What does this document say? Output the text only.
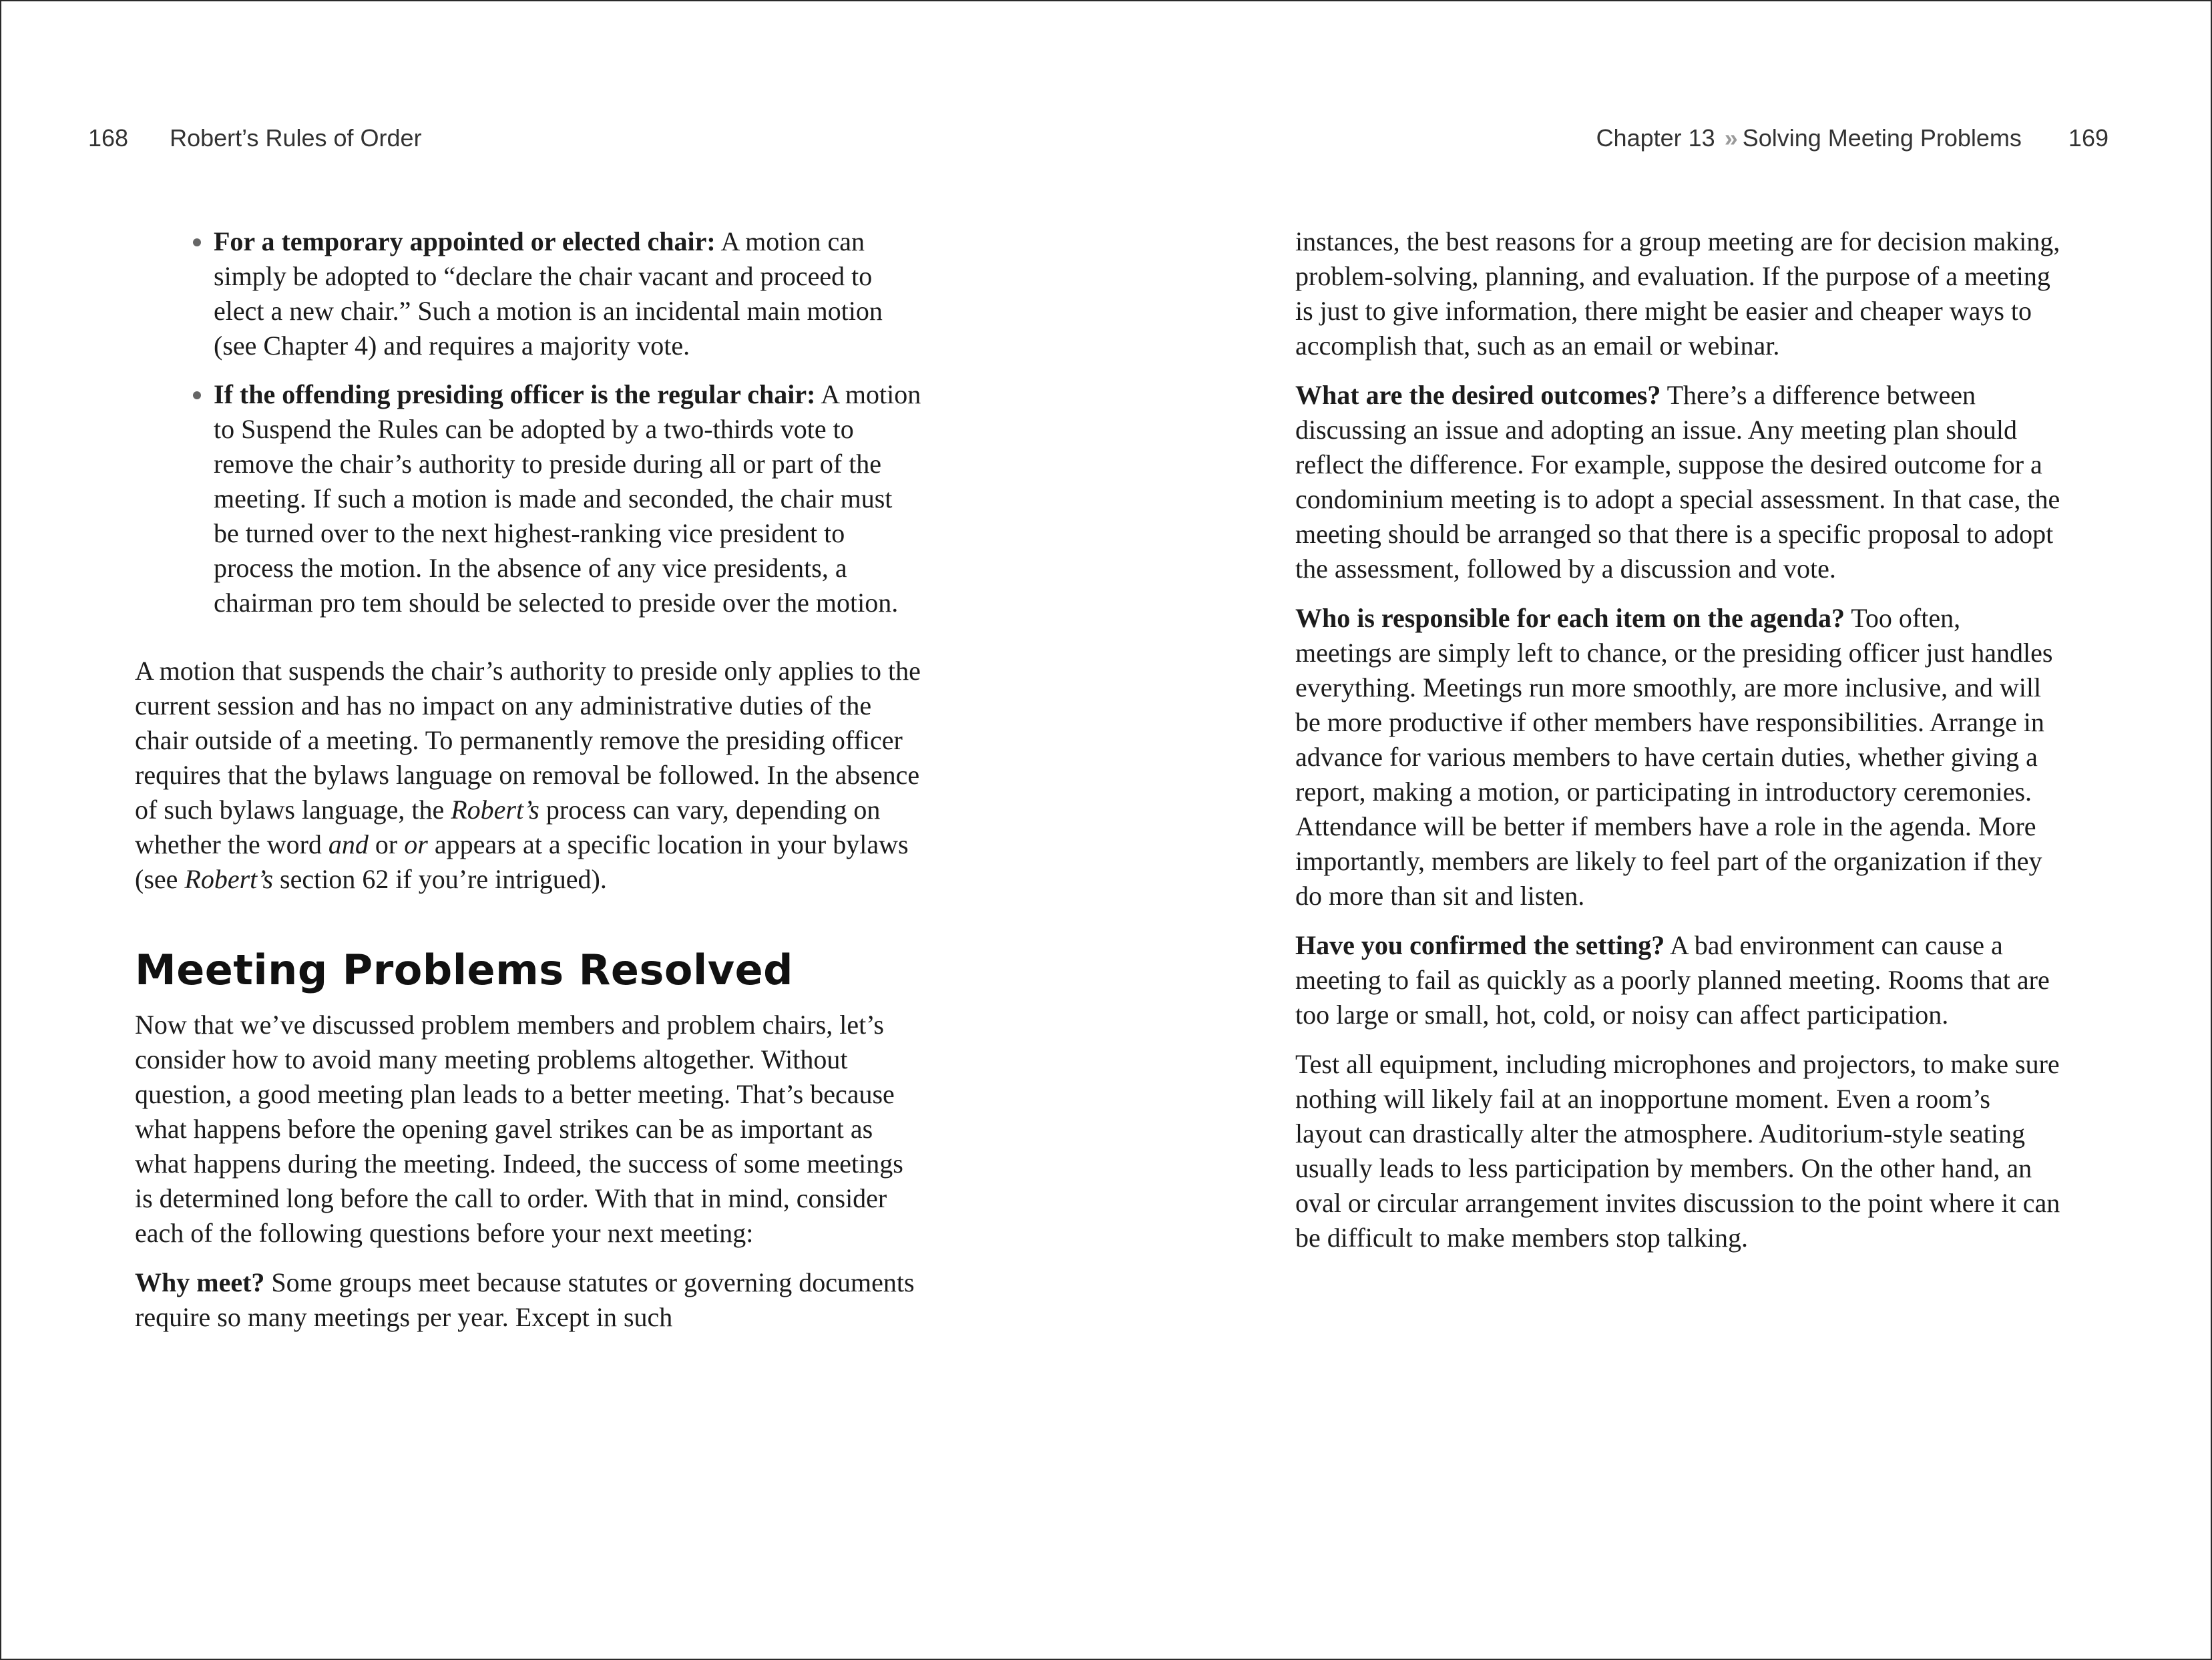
168 Robert’s Rules of Order
For a temporary appointed or elected chair: A motion can simply be adopted to “declare the chair vacant and proceed to elect a new chair.” Such a motion is an incidental main motion (see Chapter 4) and requires a majority vote.
If the offending presiding officer is the regular chair: A motion to Suspend the Rules can be adopted by a two-thirds vote to remove the chair’s authority to preside during all or part of the meeting. If such a motion is made and seconded, the chair must be turned over to the next highest-ranking vice president to process the motion. In the absence of any vice presidents, a chairman pro tem should be selected to preside over the motion.

A motion that suspends the chair’s authority to preside only applies to the current session and has no impact on any administrative duties of the chair outside of a meeting. To permanently remove the presiding officer requires that the bylaws language on removal be followed. In the absence of such bylaws language, the Robert’s process can vary, depending on whether the word and or or appears at a specific location in your bylaws (see Robert’s section 62 if you’re intrigued).

Meeting Problems Resolved

Now that we’ve discussed problem members and problem chairs, let’s consider how to avoid many meeting problems altogether. Without question, a good meeting plan leads to a better meeting. That’s because what happens before the opening gavel strikes can be as important as what happens during the meeting. Indeed, the success of some meetings is determined long before the call to order. With that in mind, consider each of the following questions before your next meeting:

Why meet? Some groups meet because statutes or governing documents require so many meetings per year. Except in such

Chapter 13 » Solving Meeting Problems 169

instances, the best reasons for a group meeting are for decision making, problem-solving, planning, and evaluation. If the purpose of a meeting is just to give information, there might be easier and cheaper ways to accomplish that, such as an email or webinar.

What are the desired outcomes? There’s a difference between discussing an issue and adopting an issue. Any meeting plan should reflect the difference. For example, suppose the desired outcome for a condominium meeting is to adopt a special assessment. In that case, the meeting should be arranged so that there is a specific proposal to adopt the assessment, followed by a discussion and vote.

Who is responsible for each item on the agenda? Too often, meetings are simply left to chance, or the presiding officer just handles everything. Meetings run more smoothly, are more inclusive, and will be more productive if other members have responsibilities. Arrange in advance for various members to have certain duties, whether giving a report, making a motion, or participating in introductory ceremonies. Attendance will be better if members have a role in the agenda. More importantly, members are likely to feel part of the organization if they do more than sit and listen.

Have you confirmed the setting? A bad environment can cause a meeting to fail as quickly as a poorly planned meeting. Rooms that are too large or small, hot, cold, or noisy can affect participation.

Test all equipment, including microphones and projectors, to make sure nothing will likely fail at an inopportune moment. Even a room’s layout can drastically alter the atmosphere. Auditorium-style seating usually leads to less participation by members. On the other hand, an oval or circular arrangement invites discussion to the point where it can be difficult to make members stop talking.
